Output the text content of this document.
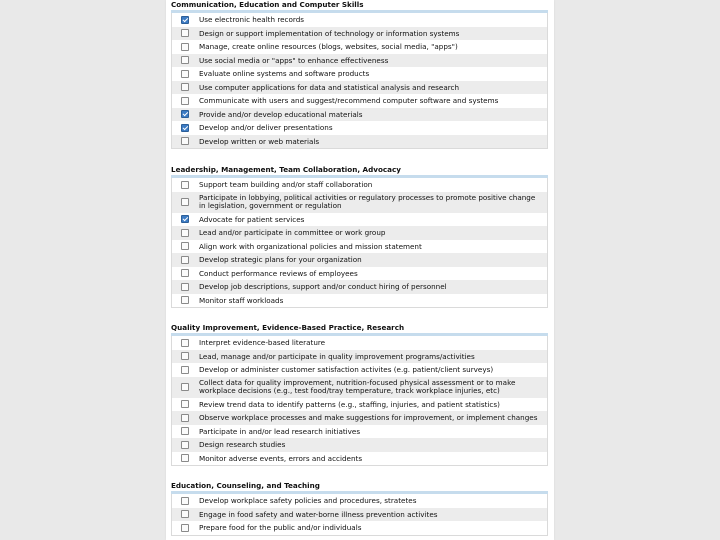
Communication, Education and Computer Skills
Use electronic health records
Design or support implementation of technology or information systems
Manage, create online resources (blogs, websites, social media, "apps")
Use social media or "apps" to enhance effectiveness
Evaluate online systems and software products
Use computer applications for data and statistical analysis and research
Communicate with users and suggest/recommend computer software and systems
Provide and/or develop educational materials
Develop and/or deliver presentations
Develop written or web materials
Leadership, Management, Team Collaboration, Advocacy
Support team building and/or staff collaboration
Participate in lobbying, political activities or regulatory processes to promote positive change in legislation, government or regulation
Advocate for patient services
Lead and/or participate in committee or work group
Align work with organizational policies and mission statement
Develop strategic plans for your organization
Conduct performance reviews of employees
Develop job descriptions, support and/or conduct hiring of personnel
Monitor staff workloads
Quality Improvement, Evidence-Based Practice, Research
Interpret evidence-based literature
Lead, manage and/or participate in quality improvement programs/activities
Develop or administer customer satisfaction activites (e.g. patient/client surveys)
Collect data for quality improvement, nutrition-focused physical assessment or to make workplace decisions (e.g., test food/tray temperature, track workplace injuries, etc)
Review trend data to identify patterns (e.g., staffing, injuries, and patient statistics)
Observe workplace processes and make suggestions for improvement, or implement changes
Participate in and/or lead research initiatives
Design research studies
Monitor adverse events, errors and accidents
Education, Counseling, and Teaching
Develop workplace safety policies and procedures, stratetes
Engage in food safety and water-borne illness prevention activites
Prepare food for the public and/or individuals
